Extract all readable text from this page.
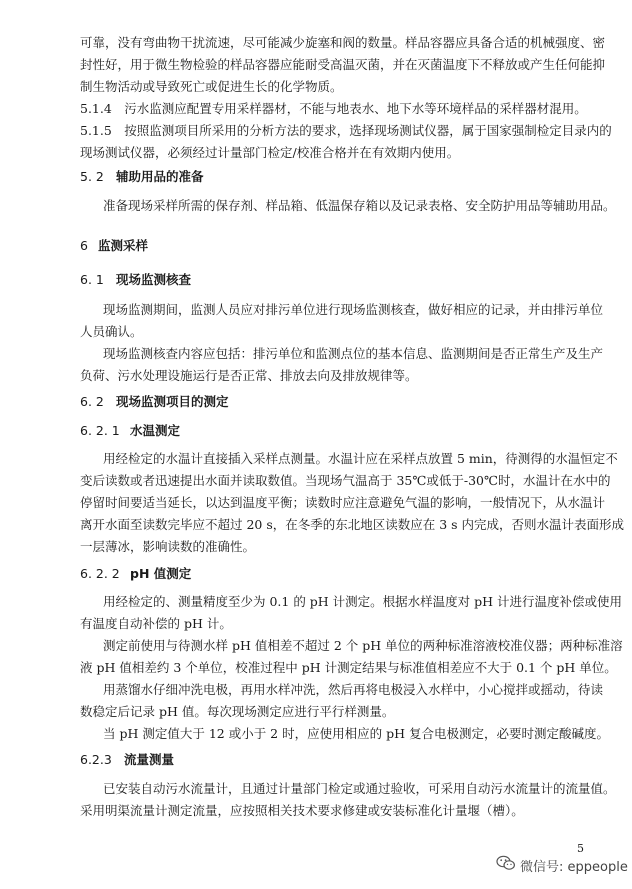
可靠，没有弯曲物干扰流速，尽可能减少旋塞和阀的数量。样品容器应具备合适的机械强度、密
封性好，用于微生物检验的样品容器应能耐受高温灭菌，并在灭菌温度下不释放或产生任何能抑
制生物活动或导致死亡或促进生长的化学物质。
5.1.4　污水监测应配置专用采样器材，不能与地表水、地下水等环境样品的采样器材混用。
5.1.5　按照监测项目所采用的分析方法的要求，选择现场测试仪器，属于国家强制检定目录内的
现场测试仪器，必须经过计量部门检定/校准合格并在有效期内使用。
5. 2 辅助用品的准备
准备现场采样所需的保存剂、样品箱、低温保存箱以及记录表格、安全防护用品等辅助用品。
6 监测采样
6. 1 现场监测核查
现场监测期间，监测人员应对排污单位进行现场监测核查，做好相应的记录，并由排污单位
人员确认。
现场监测核查内容应包括：排污单位和监测点位的基本信息、监测期间是否正常生产及生产
负荷、污水处理设施运行是否正常、排放去向及排放规律等。
6. 2 现场监测项目的测定
6. 2. 1 水温测定
用经检定的水温计直接插入采样点测量。水温计应在采样点放置 5 min，待测得的水温恒定不
变后读数或者迅速提出水面并读取数值。当现场气温高于 35℃或低于-30℃时，水温计在水中的
停留时间要适当延长，以达到温度平衡；读数时应注意避免气温的影响，一般情况下，从水温计
离开水面至读数完毕应不超过 20 s，在冬季的东北地区读数应在 3 s 内完成，否则水温计表面形成
一层薄冰，影响读数的准确性。
6. 2. 2 pH 值测定
用经检定的、测量精度至少为 0.1 的 pH 计测定。根据水样温度对 pH 计进行温度补偿或使用
有温度自动补偿的 pH 计。
测定前使用与待测水样 pH 值相差不超过 2 个 pH 单位的两种标准溶液校准仪器；两种标准溶
液 pH 值相差约 3 个单位，校准过程中 pH 计测定结果与标准值相差应不大于 0.1 个 pH 单位。
用蒸馏水仔细冲洗电极，再用水样冲洗，然后再将电极浸入水样中，小心搅拌或摇动，待读
数稳定后记录 pH 值。每次现场测定应进行平行样测量。
当 pH 测定值大于 12 或小于 2 时，应使用相应的 pH 复合电极测定，必要时测定酸碱度。
6.2.3 流量测量
已安装自动污水流量计，且通过计量部门检定或通过验收，可采用自动污水流量计的流量值。
采用明渠流量计测定流量，应按照相关技术要求修建或安装标准化计量堰（槽）。
5
微信号: eppeople
